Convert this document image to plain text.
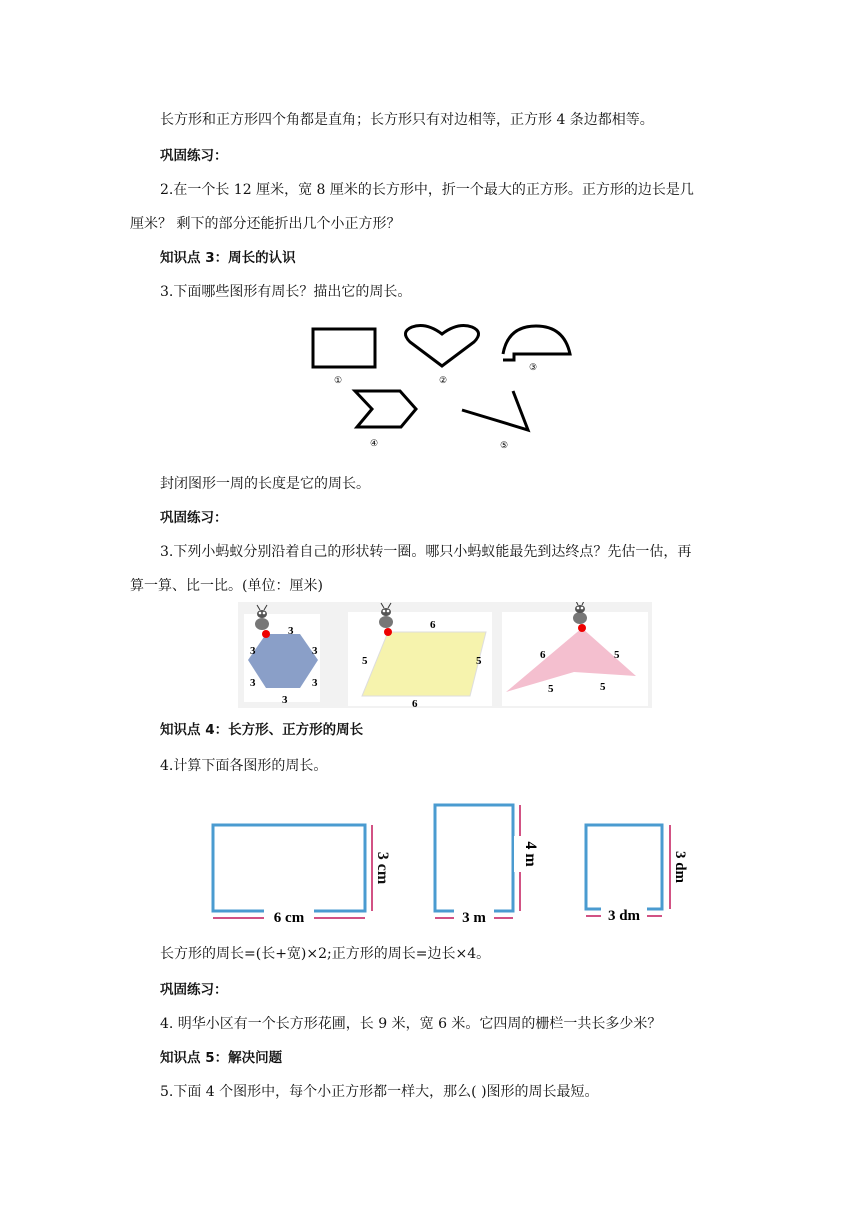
长方形和正方形四个角都是直角；长方形只有对边相等，正方形 4 条边都相等。
巩固练习：
2.在一个长 12 厘米，宽 8 厘米的长方形中，折一个最大的正方形。正方形的边长是几
厘米？ 剩下的部分还能折出几个小正方形？
知识点 3：周长的认识
3.下面哪些图形有周长？描出它的周长。
①	②
③
④	⑤
封闭图形一周的长度是它的周长。
巩固练习：
3.下列小蚂蚁分别沿着自己的形状转一圈。哪只小蚂蚁能最先到达终点？先估一估，再
算一算、比一比。(单位：厘米)
3
3	3
3	3
3
6
5	5
6
6	5
5
5
知识点 4：长方形、正方形的周长
4.计算下面各图形的周长。
3 cm
6 cm
4 m
3 m
3 dm
3 dm
长方形的周长=(长+宽)×2;正方形的周长=边长×4。
巩固练习：
4. 明华小区有一个长方形花圃，长 9 米，宽 6 米。它四周的栅栏一共长多少米？
知识点 5：解决问题
5.下面 4 个图形中，每个小正方形都一样大，那么( )图形的周长最短。
